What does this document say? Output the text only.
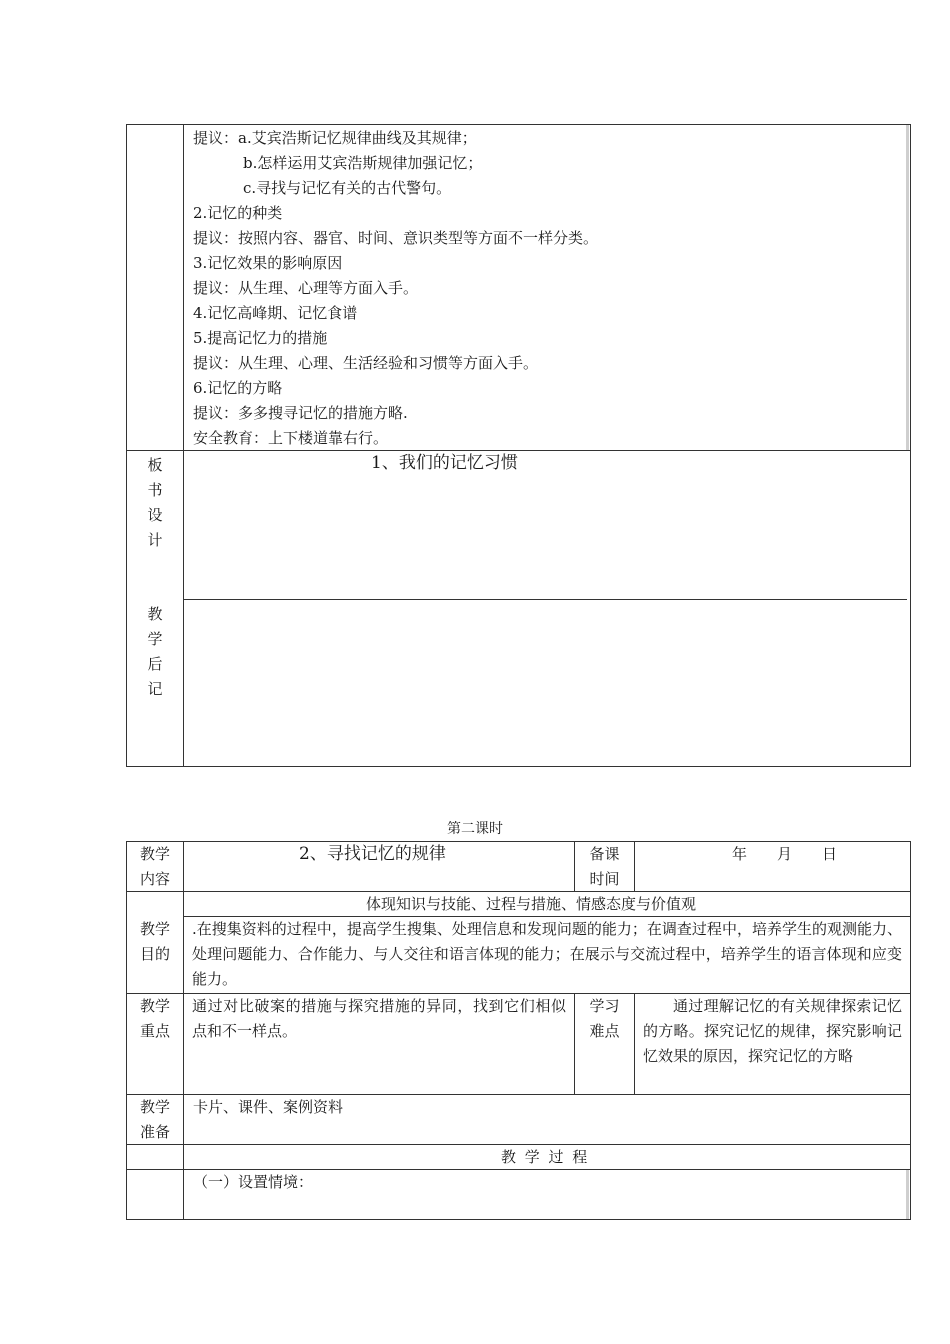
提议：a.艾宾浩斯记忆规律曲线及其规律；
b.怎样运用艾宾浩斯规律加强记忆；
c.寻找与记忆有关的古代警句。
2.记忆的种类
提议：按照内容、器官、时间、意识类型等方面不一样分类。
3.记忆效果的影响原因
提议：从生理、心理等方面入手。
4.记忆高峰期、记忆食谱
5.提高记忆力的措施
提议：从生理、心理、生活经验和习惯等方面入手。
6.记忆的方略
提议：多多搜寻记忆的措施方略.
安全教育：上下楼道靠右行。
板
书
设
计
1、我们的记忆习惯
教
学
后
记
第二课时
教学
内容
2、寻找记忆的规律	备课
时间
年　　月　　日
教学
目的
体现知识与技能、过程与措施、情感态度与价值观
.在搜集资料的过程中，提高学生搜集、处理信息和发现问题的能力；在调查过程中，培养学生的观测能力、处理问题能力、合作能力、与人交往和语言体现的能力；在展示与交流过程中，培养学生的语言体现和应变能力。
教学
重点
通过对比破案的措施与探究措施的异同，找到它们相似点和不一样点。
学习
难点
通过理解记忆的有关规律探索记忆的方略。探究记忆的规律，探究影响记忆效果的原因，探究记忆的方略
教学
准备
卡片、课件、案例资料
教 学 过 程
（一）设置情境：
